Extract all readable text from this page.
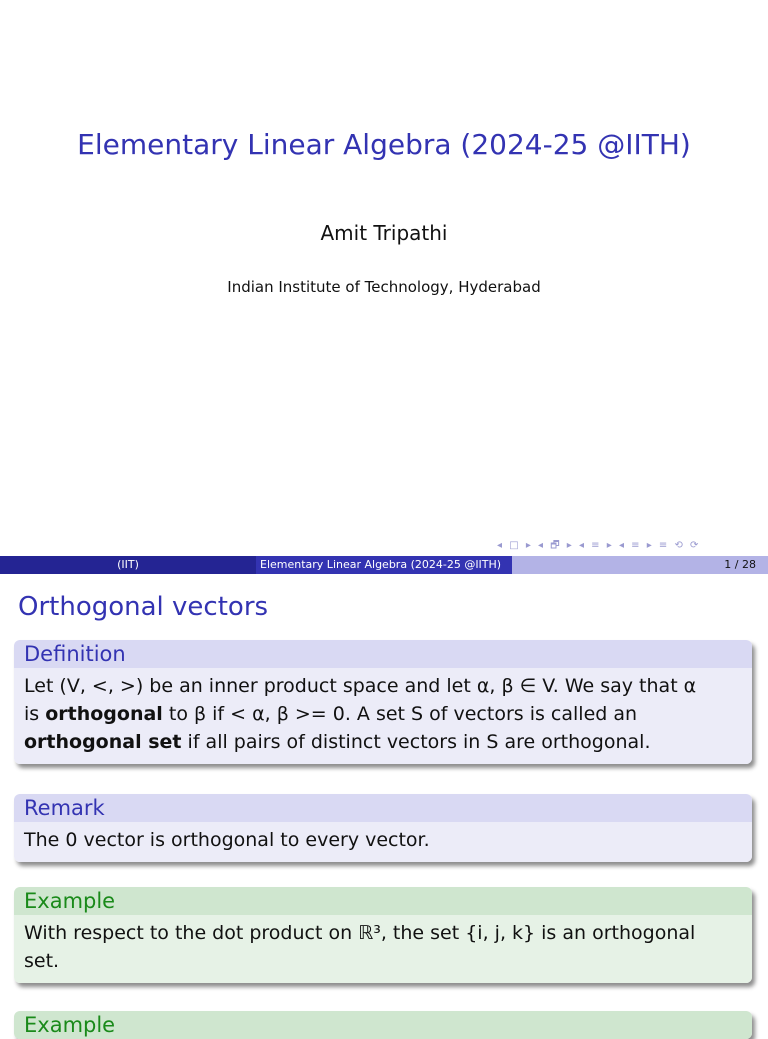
Elementary Linear Algebra (2024-25 @IITH)
Amit Tripathi
Indian Institute of Technology, Hyderabad
◂ □ ▸ ◂ 🗗 ▸ ◂ ≡ ▸ ◂ ≡ ▸ ≡ ⟲ ⟳
(IIT)	Elementary Linear Algebra (2024-25 @IITH)	1 / 28
Orthogonal vectors
Definition
Let (V, <, >) be an inner product space and let α, β ∈ V. We say that α
is orthogonal to β if < α, β >= 0. A set S of vectors is called an
orthogonal set if all pairs of distinct vectors in S are orthogonal.
Remark
The 0 vector is orthogonal to every vector.
Example
With respect to the dot product on ℝ³, the set {i, j, k} is an orthogonal
set.
Example
